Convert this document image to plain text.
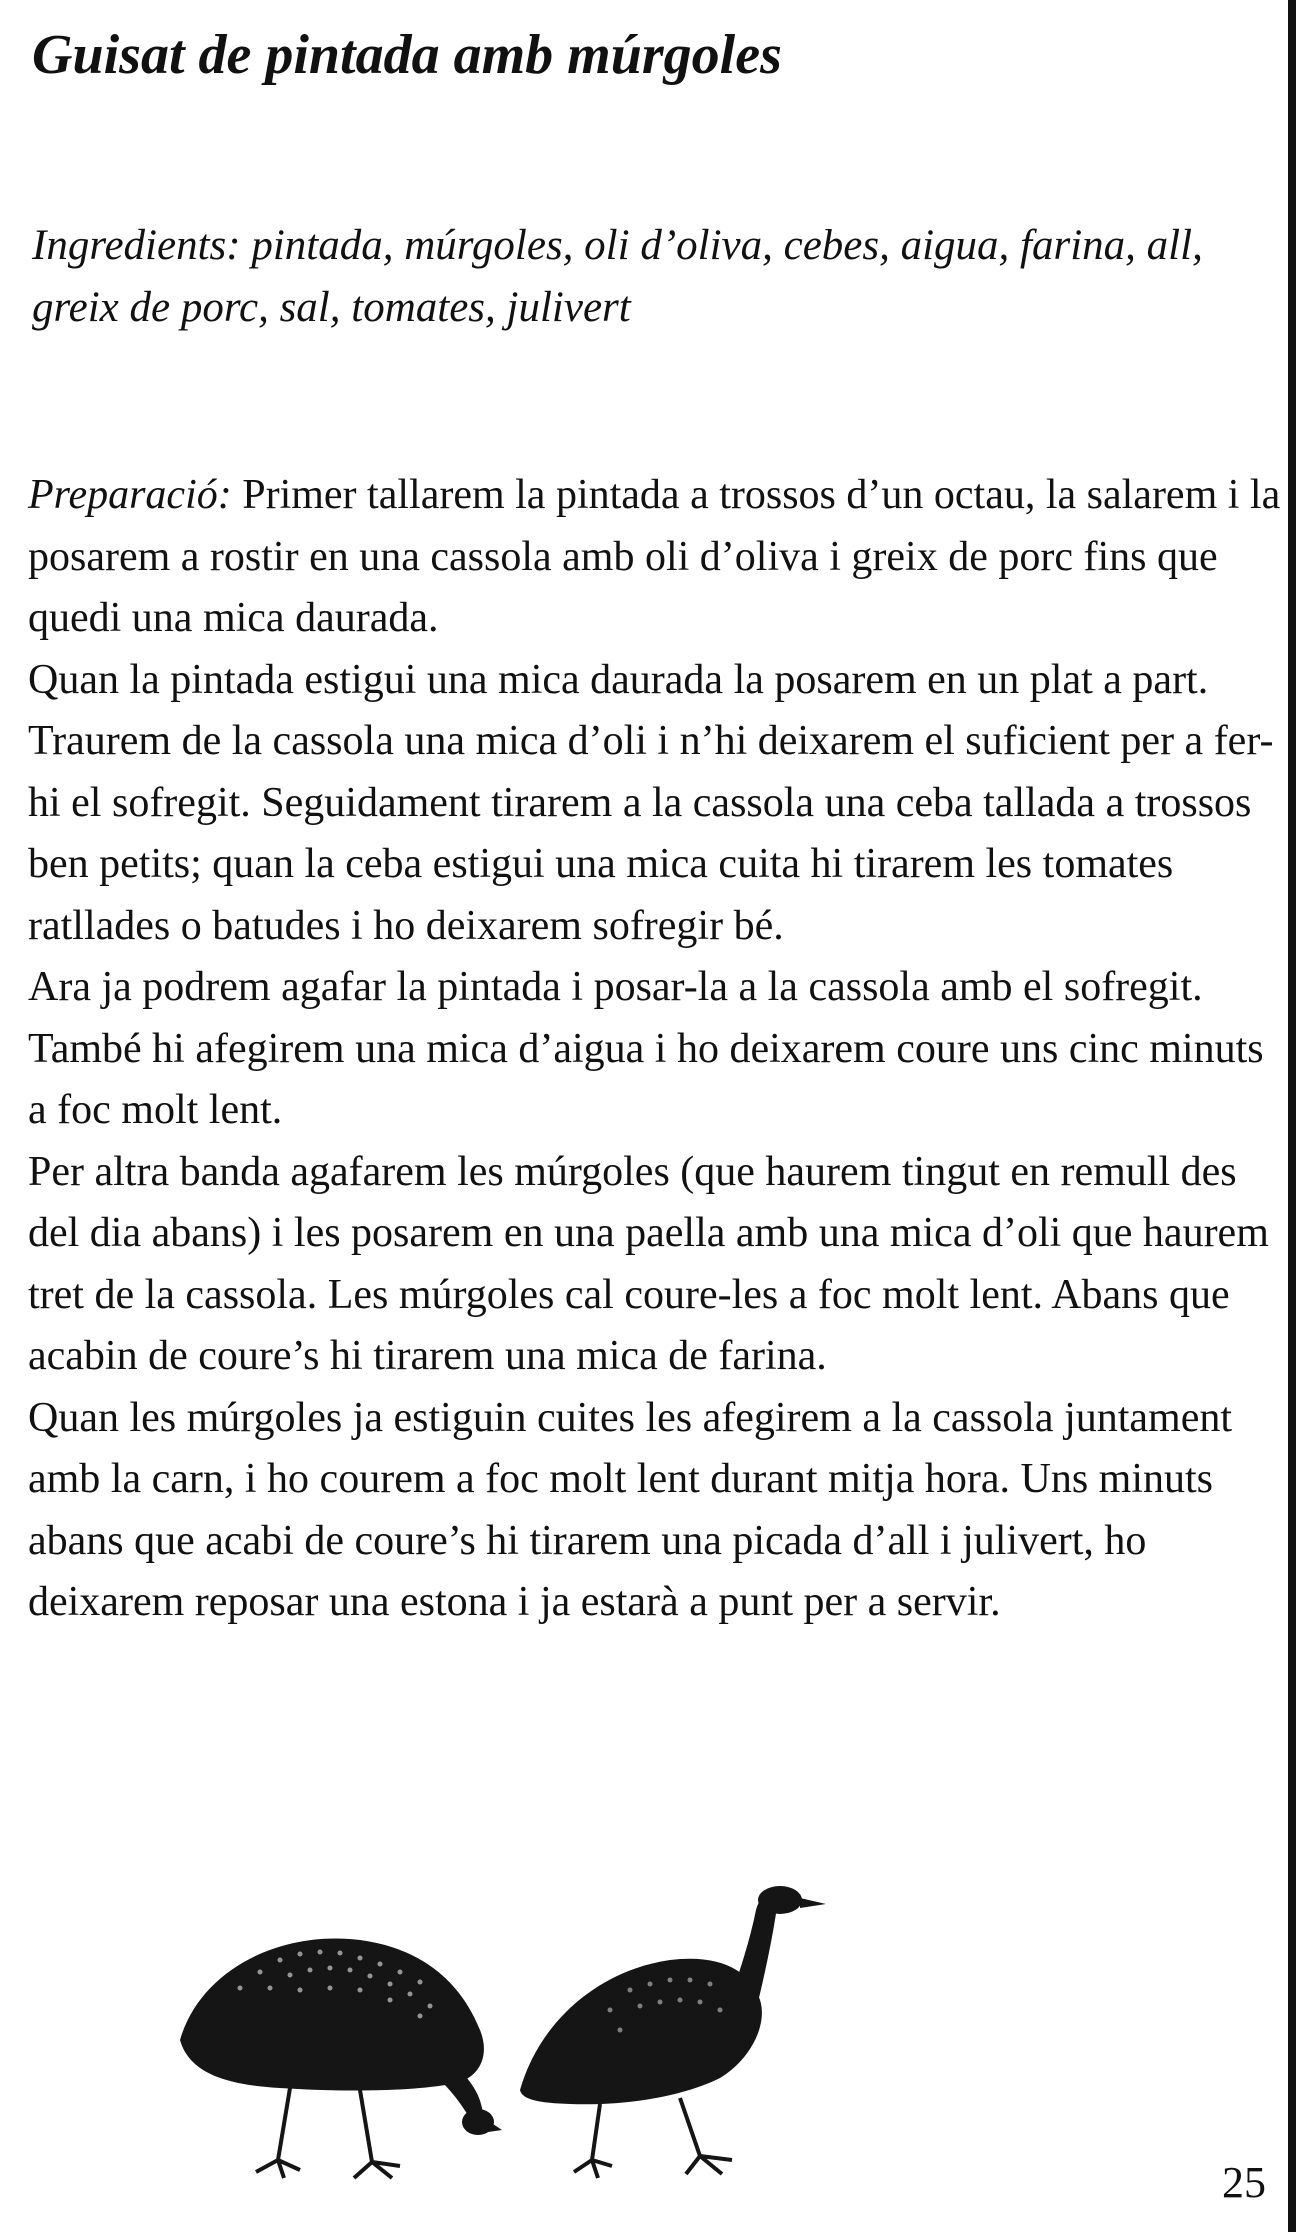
Guisat de pintada amb múrgoles

Ingredients: pintada, múrgoles, oli d’oliva, cebes, aigua, farina, all, greix de porc, sal, tomates, julivert

Preparació: Primer tallarem la pintada a trossos d’un octau, la salarem i la posarem a rostir en una cassola amb oli d’oliva i greix de porc fins que quedi una mica daurada.

Quan la pintada estigui una mica daurada la posarem en un plat a part. Traurem de la cassola una mica d’oli i n’hi deixarem el suficient per a fer-hi el sofregit. Seguidament tirarem a la cassola una ceba tallada a trossos ben petits; quan la ceba estigui una mica cuita hi tirarem les tomates ratllades o batudes i ho deixarem sofregir bé.

Ara ja podrem agafar la pintada i posar-la a la cassola amb el sofregit. També hi afegirem una mica d’aigua i ho deixarem coure uns cinc minuts a foc molt lent.

Per altra banda agafarem les múrgoles (que haurem tingut en remull des del dia abans) i les posarem en una paella amb una mica d’oli que haurem tret de la cassola. Les múrgoles cal coure-les a foc molt lent. Abans que acabin de coure’s hi tirarem una mica de farina.

Quan les múrgoles ja estiguin cuites les afegirem a la cassola juntament amb la carn, i ho courem a foc molt lent durant mitja hora. Uns minuts abans que acabi de coure’s hi tirarem una picada d’all i julivert, ho deixarem reposar una estona i ja estarà a punt per a servir.

25
